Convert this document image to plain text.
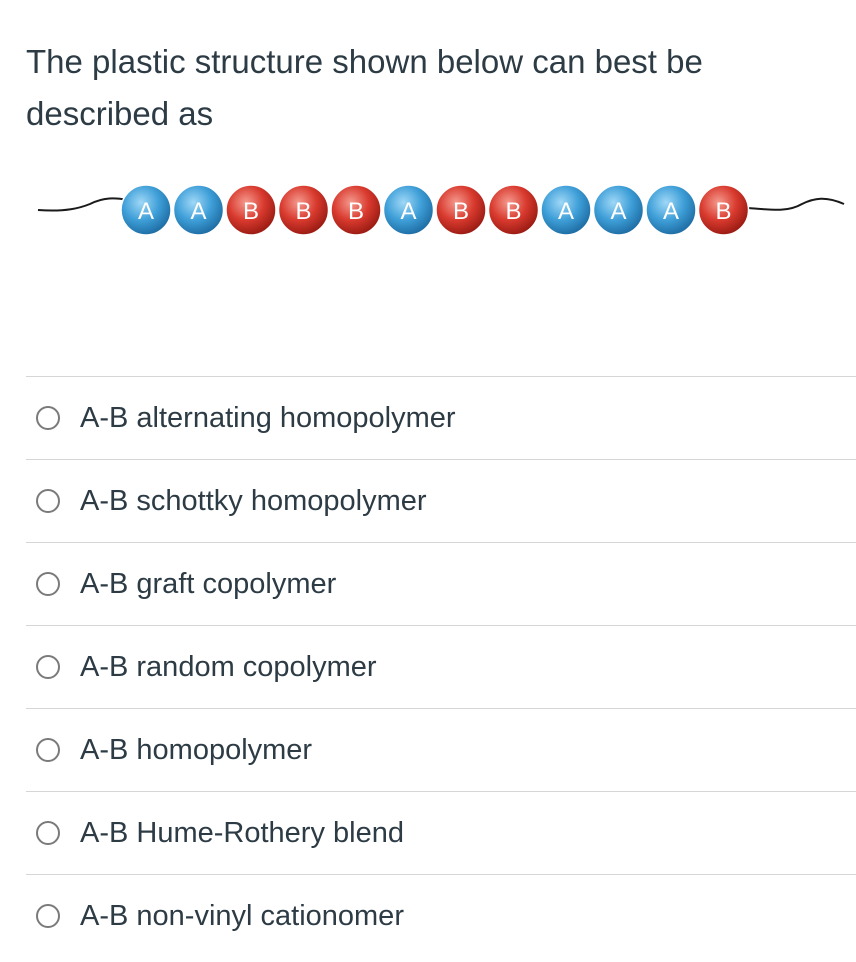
The plastic structure shown below can best be described as

A A B B B A B B A A A B
A-B alternating homopolymer
A-B schottky homopolymer
A-B graft copolymer
A-B random copolymer
A-B homopolymer
A-B Hume-Rothery blend
A-B non-vinyl cationomer
